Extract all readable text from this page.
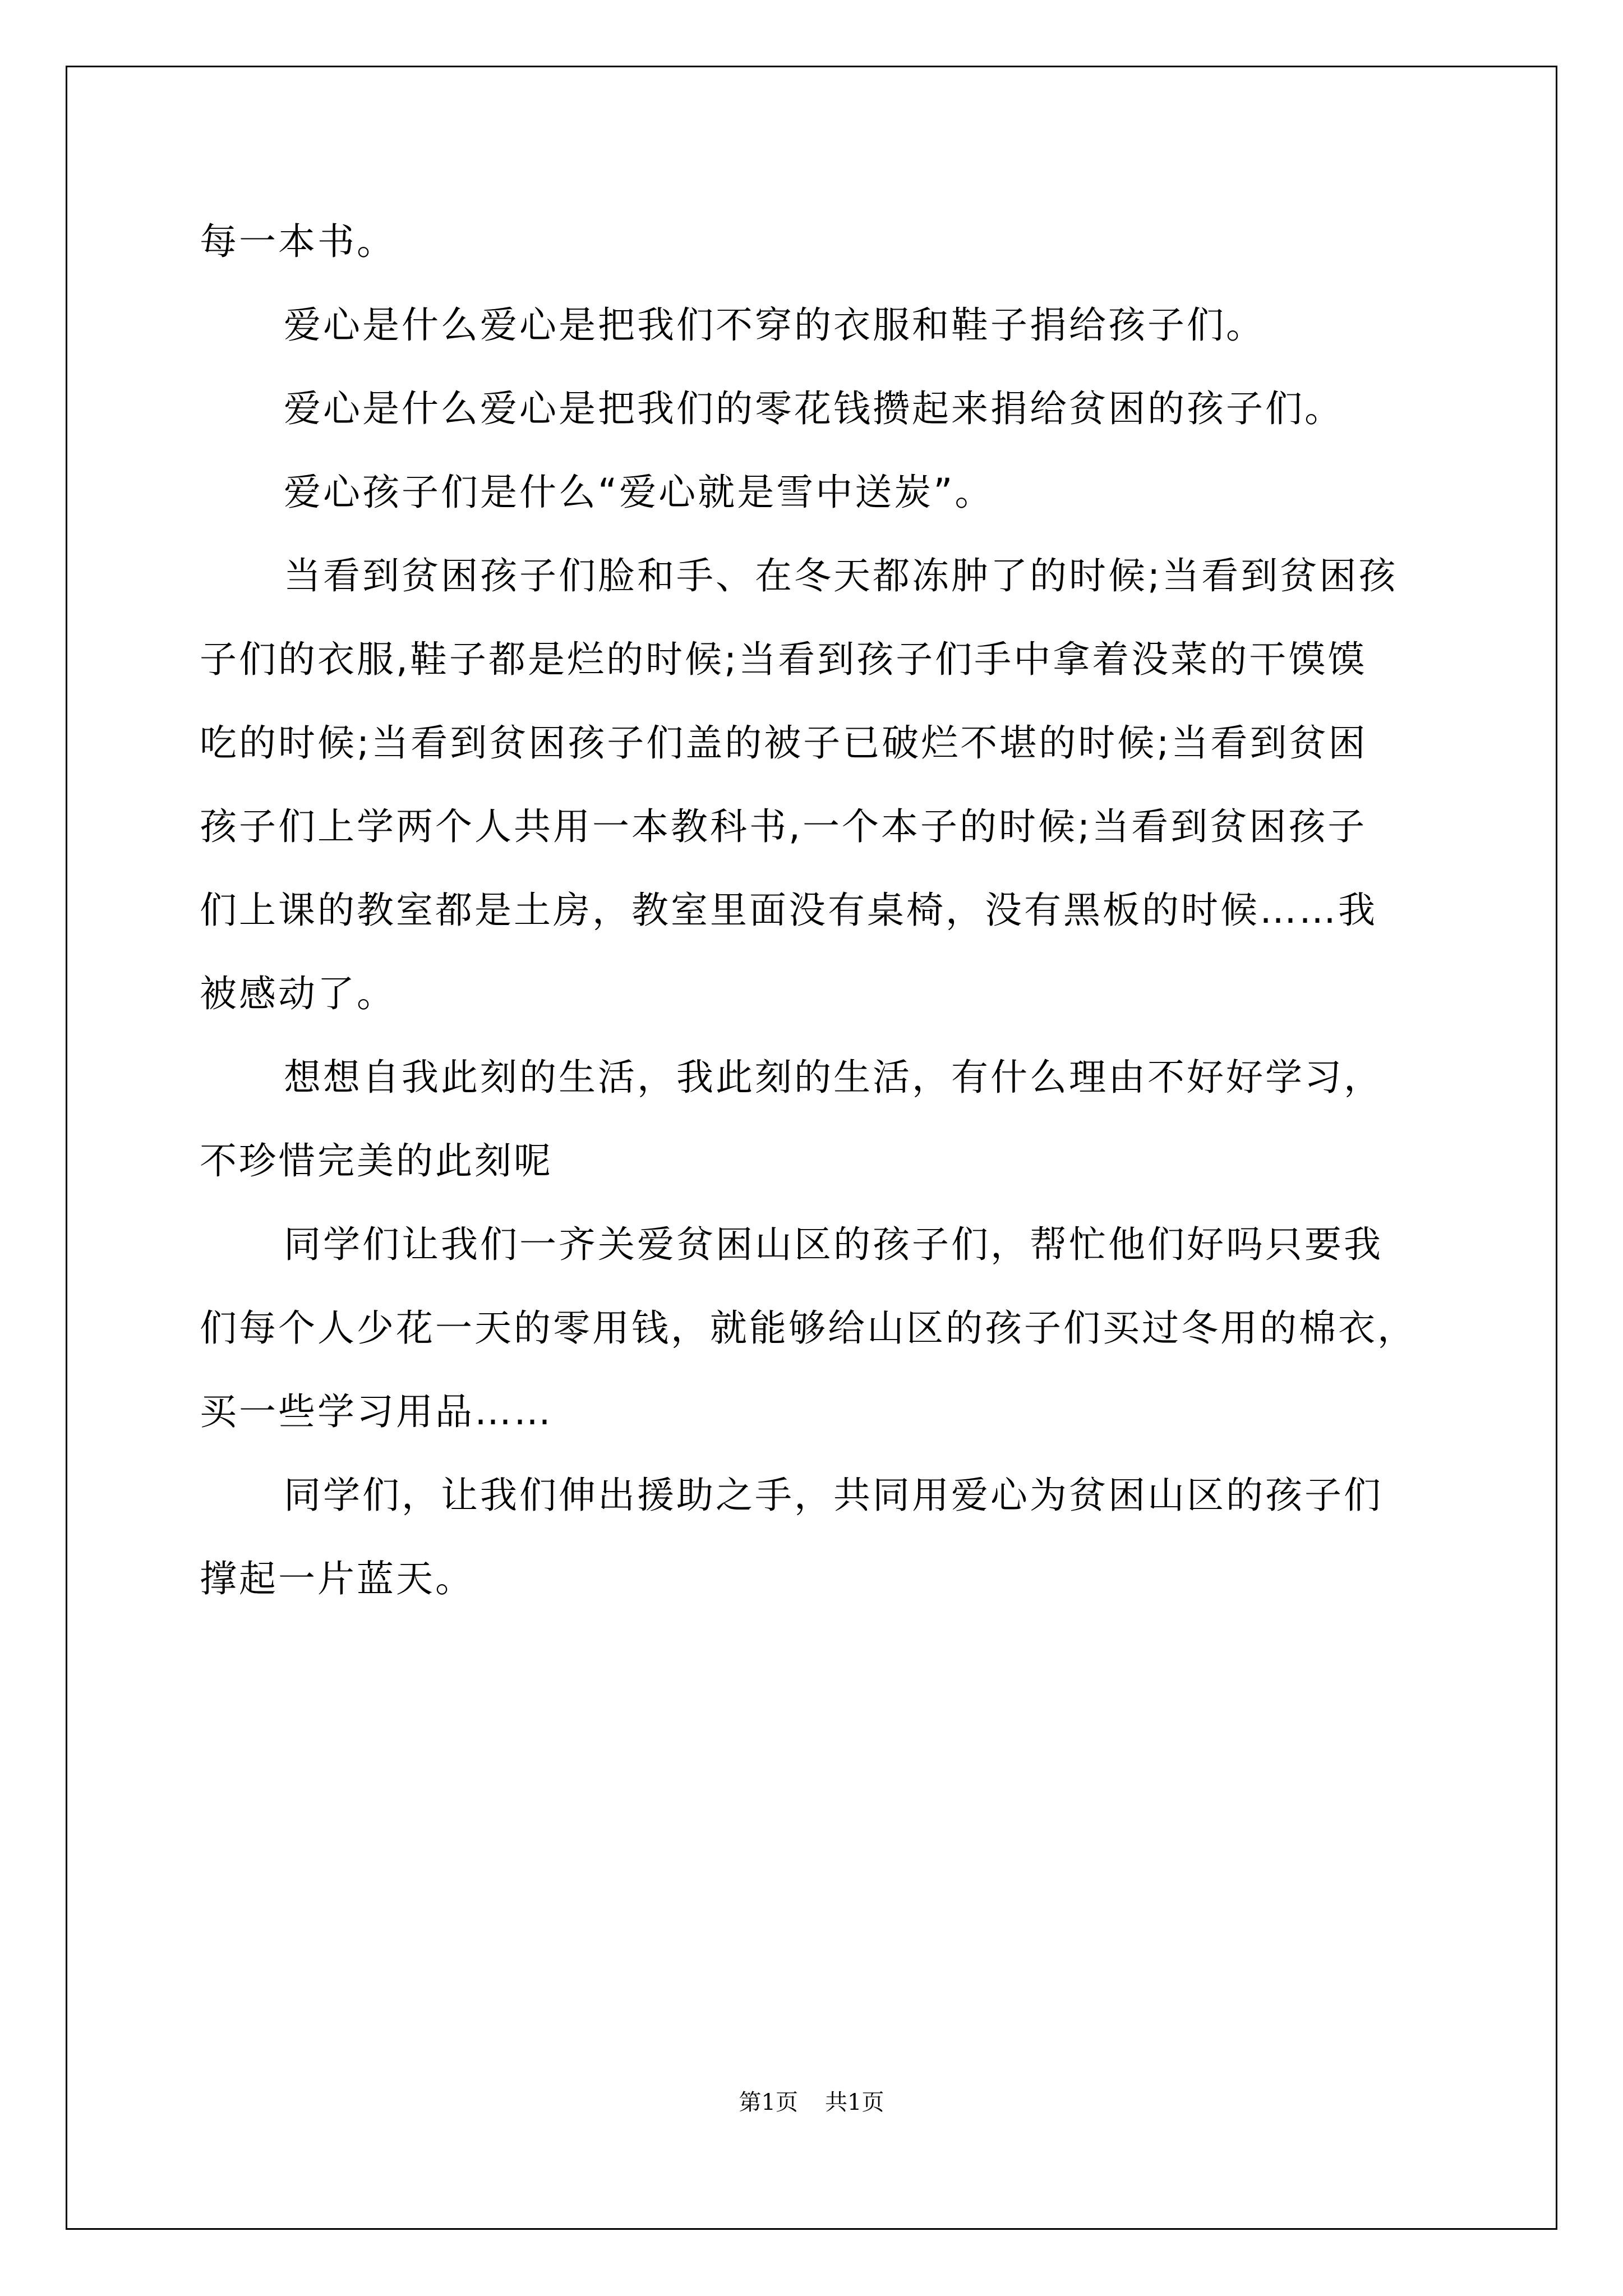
每一本书。
爱心是什么爱心是把我们不穿的衣服和鞋子捐给孩子们。
爱心是什么爱心是把我们的零花钱攒起来捐给贫困的孩子们。
爱心孩子们是什么“爱心就是雪中送炭”。
当看到贫困孩子们脸和手、在冬天都冻肿了的时候;当看到贫困孩
子们的衣服,鞋子都是烂的时候;当看到孩子们手中拿着没菜的干馍馍
吃的时候;当看到贫困孩子们盖的被子已破烂不堪的时候;当看到贫困
孩子们上学两个人共用一本教科书,一个本子的时候;当看到贫困孩子
们上课的教室都是土房，教室里面没有桌椅，没有黑板的时候……我
被感动了。
想想自我此刻的生活，我此刻的生活，有什么理由不好好学习，
不珍惜完美的此刻呢
同学们让我们一齐关爱贫困山区的孩子们，帮忙他们好吗只要我
们每个人少花一天的零用钱，就能够给山区的孩子们买过冬用的棉衣，
买一些学习用品……
同学们，让我们伸出援助之手，共同用爱心为贫困山区的孩子们
撑起一片蓝天。
第1页 共1页
